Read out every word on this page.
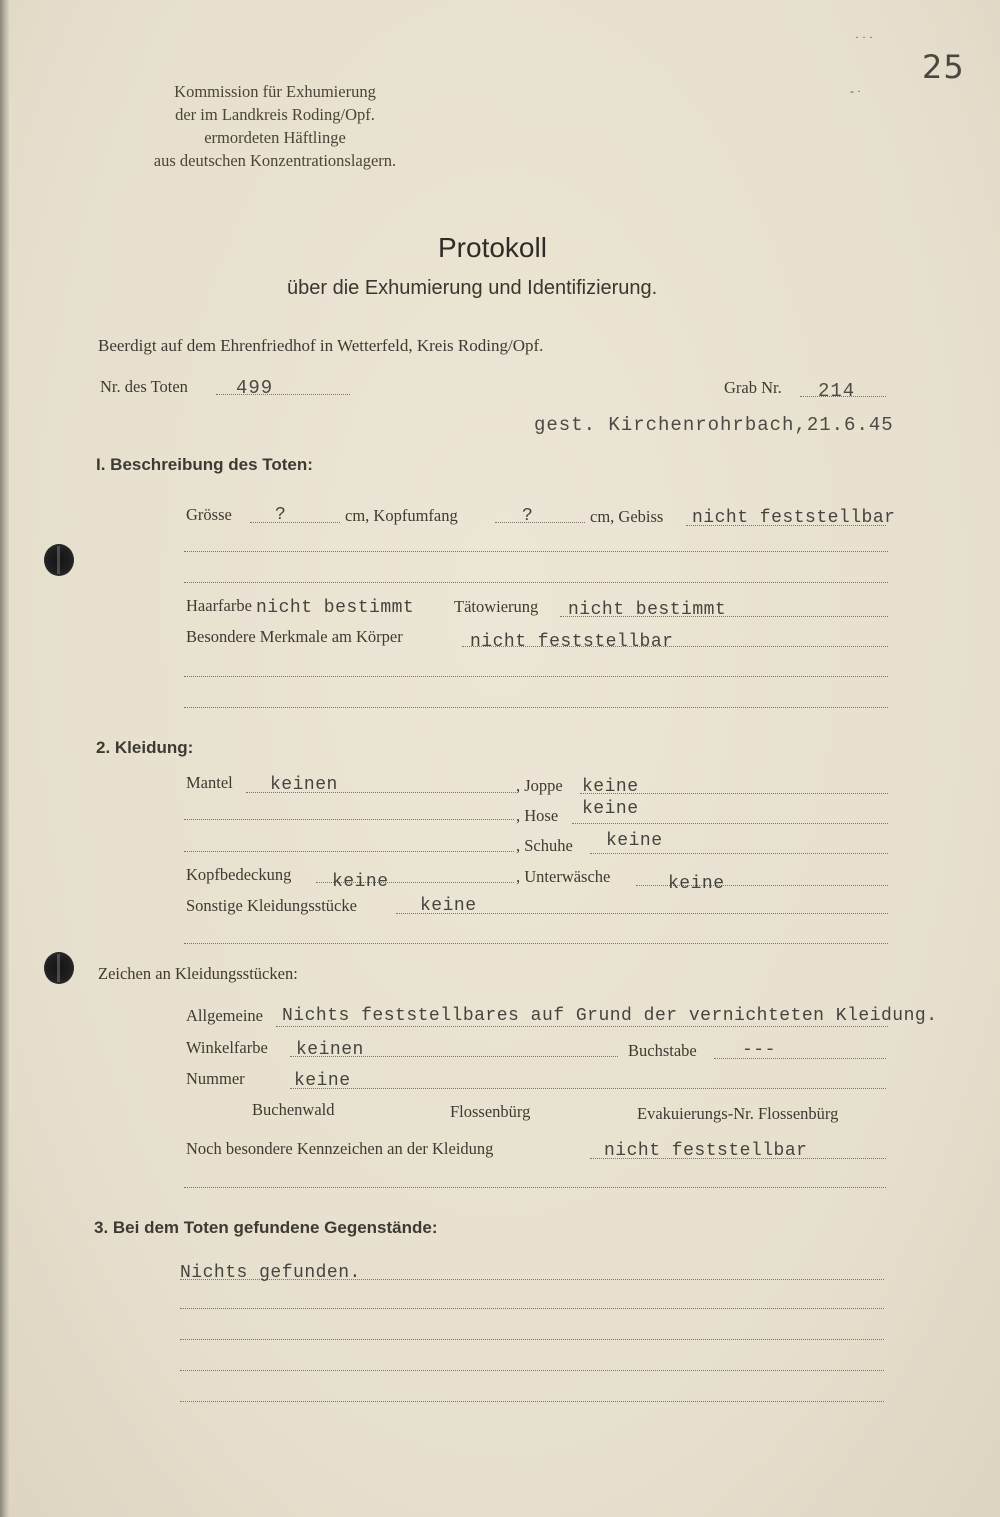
25
· · ·
- ·
Kommission für Exhumierung
der im Landkreis Roding/Opf.
ermordeten Häftlinge
aus deutschen Konzentrationslagern.
Protokoll
über die Exhumierung und Identifizierung.
Beerdigt auf dem Ehrenfriedhof in Wetterfeld, Kreis Roding/Opf.
Nr. des Toten	499	Grab Nr. 214
gest. Kirchenrohrbach,21.6.45
I. Beschreibung des Toten:
Grösse ?	cm, Kopfumfang	?	cm, Gebiss nicht feststellbar
Haarfarbe nicht bestimmt Tätowierung nicht bestimmt
Besondere Merkmale am Körper	nicht feststellbar
2. Kleidung:
Mantel keinen	, Joppe keine
, Hose keine
, Schuhe keine
Kopfbedeckung keine	, Unterwäsche	keine
Sonstige Kleidungsstücke	keine
Zeichen an Kleidungsstücken:
Allgemeine Nichts feststellbares auf Grund der vernichteten Kleidung.
Winkelfarbe keinen	Buchstabe	---
Nummer	keine
Buchenwald	Flossenbürg	Evakuierungs-Nr. Flossenbürg
Noch besondere Kennzeichen an der Kleidung	nicht feststellbar
3. Bei dem Toten gefundene Gegenstände:
Nichts gefunden.
